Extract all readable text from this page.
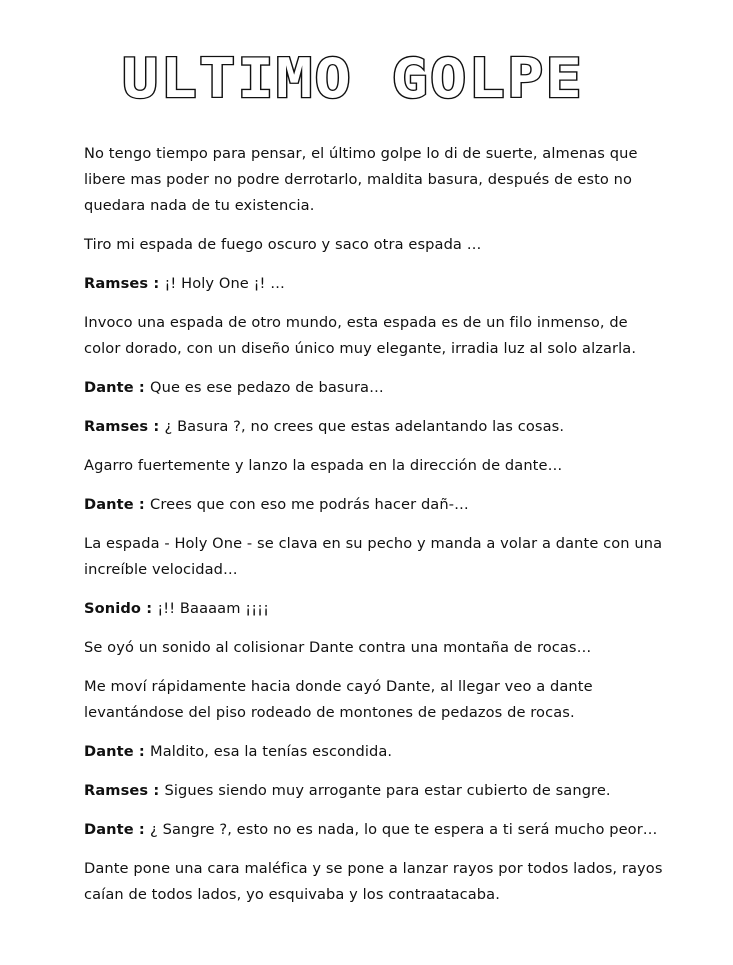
ULTIMO GOLPE

No tengo tiempo para pensar, el último golpe lo di de suerte, almenas que libere mas poder no podre derrotarlo, maldita basura, después de esto no quedara nada de tu existencia.

Tiro mi espada de fuego oscuro y saco otra espada …

Ramses : ¡! Holy One ¡! …

Invoco una espada de otro mundo, esta espada es de un filo inmenso, de color dorado, con un diseño único muy elegante, irradia luz al solo alzarla.

Dante : Que es ese pedazo de basura…

Ramses : ¿ Basura ?, no crees que estas adelantando las cosas.

Agarro fuertemente y lanzo la espada en la dirección de dante…

Dante : Crees que con eso me podrás hacer dañ-…

La espada - Holy One - se clava en su pecho y manda a volar a dante con una increíble velocidad…

Sonido : ¡!! Baaaam ¡¡¡¡

Se oyó un sonido al colisionar Dante contra una montaña de rocas…

Me moví rápidamente hacia donde cayó Dante, al llegar veo a dante levantándose del piso rodeado de montones de pedazos de rocas.

Dante : Maldito, esa la tenías escondida.

Ramses : Sigues siendo muy arrogante para estar cubierto de sangre.

Dante : ¿ Sangre ?, esto no es nada, lo que te espera a ti será mucho peor…

Dante pone una cara maléfica y se pone a lanzar rayos por todos lados, rayos caían de todos lados, yo esquivaba y los contraatacaba.
